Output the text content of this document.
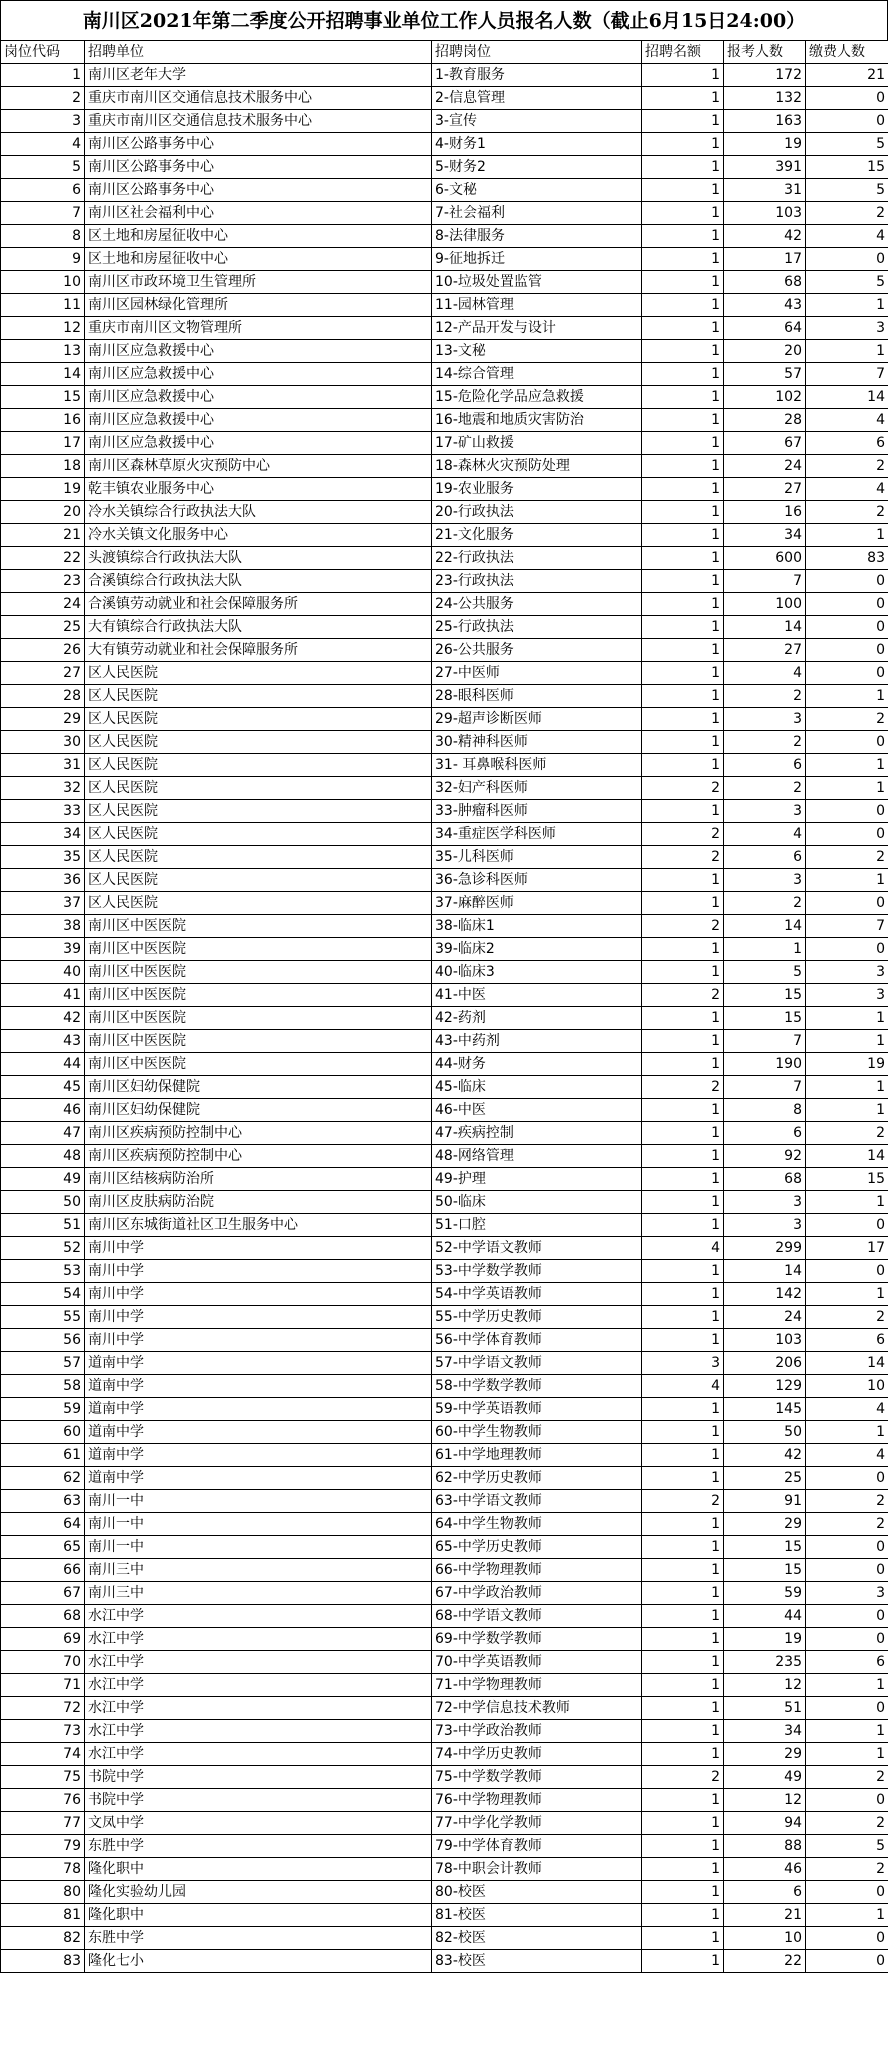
南川区2021年第二季度公开招聘事业单位工作人员报名人数（截止6月15日24:00）
岗位代码	招聘单位	招聘岗位	招聘名额	报考人数	缴费人数
1	南川区老年大学	1-教育服务	1	172	21
2	重庆市南川区交通信息技术服务中心	2-信息管理	1	132	0
3	重庆市南川区交通信息技术服务中心	3-宣传	1	163	0
4	南川区公路事务中心	4-财务1	1	19	5
5	南川区公路事务中心	5-财务2	1	391	15
6	南川区公路事务中心	6-文秘	1	31	5
7	南川区社会福利中心	7-社会福利	1	103	2
8	区土地和房屋征收中心	8-法律服务	1	42	4
9	区土地和房屋征收中心	9-征地拆迁	1	17	0
10	南川区市政环境卫生管理所	10-垃圾处置监管	1	68	5
11	南川区园林绿化管理所	11-园林管理	1	43	1
12	重庆市南川区文物管理所	12-产品开发与设计	1	64	3
13	南川区应急救援中心	13-文秘	1	20	1
14	南川区应急救援中心	14-综合管理	1	57	7
15	南川区应急救援中心	15-危险化学品应急救援	1	102	14
16	南川区应急救援中心	16-地震和地质灾害防治	1	28	4
17	南川区应急救援中心	17-矿山救援	1	67	6
18	南川区森林草原火灾预防中心	18-森林火灾预防处理	1	24	2
19	乾丰镇农业服务中心	19-农业服务	1	27	4
20	冷水关镇综合行政执法大队	20-行政执法	1	16	2
21	冷水关镇文化服务中心	21-文化服务	1	34	1
22	头渡镇综合行政执法大队	22-行政执法	1	600	83
23	合溪镇综合行政执法大队	23-行政执法	1	7	0
24	合溪镇劳动就业和社会保障服务所	24-公共服务	1	100	0
25	大有镇综合行政执法大队	25-行政执法	1	14	0
26	大有镇劳动就业和社会保障服务所	26-公共服务	1	27	0
27	区人民医院	27-中医师	1	4	0
28	区人民医院	28-眼科医师	1	2	1
29	区人民医院	29-超声诊断医师	1	3	2
30	区人民医院	30-精神科医师	1	2	0
31	区人民医院	31- 耳鼻喉科医师	1	6	1
32	区人民医院	32-妇产科医师	2	2	1
33	区人民医院	33-肿瘤科医师	1	3	0
34	区人民医院	34-重症医学科医师	2	4	0
35	区人民医院	35-儿科医师	2	6	2
36	区人民医院	36-急诊科医师	1	3	1
37	区人民医院	37-麻醉医师	1	2	0
38	南川区中医医院	38-临床1	2	14	7
39	南川区中医医院	39-临床2	1	1	0
40	南川区中医医院	40-临床3	1	5	3
41	南川区中医医院	41-中医	2	15	3
42	南川区中医医院	42-药剂	1	15	1
43	南川区中医医院	43-中药剂	1	7	1
44	南川区中医医院	44-财务	1	190	19
45	南川区妇幼保健院	45-临床	2	7	1
46	南川区妇幼保健院	46-中医	1	8	1
47	南川区疾病预防控制中心	47-疾病控制	1	6	2
48	南川区疾病预防控制中心	48-网络管理	1	92	14
49	南川区结核病防治所	49-护理	1	68	15
50	南川区皮肤病防治院	50-临床	1	3	1
51	南川区东城街道社区卫生服务中心	51-口腔	1	3	0
52	南川中学	52-中学语文教师	4	299	17
53	南川中学	53-中学数学教师	1	14	0
54	南川中学	54-中学英语教师	1	142	1
55	南川中学	55-中学历史教师	1	24	2
56	南川中学	56-中学体育教师	1	103	6
57	道南中学	57-中学语文教师	3	206	14
58	道南中学	58-中学数学教师	4	129	10
59	道南中学	59-中学英语教师	1	145	4
60	道南中学	60-中学生物教师	1	50	1
61	道南中学	61-中学地理教师	1	42	4
62	道南中学	62-中学历史教师	1	25	0
63	南川一中	63-中学语文教师	2	91	2
64	南川一中	64-中学生物教师	1	29	2
65	南川一中	65-中学历史教师	1	15	0
66	南川三中	66-中学物理教师	1	15	0
67	南川三中	67-中学政治教师	1	59	3
68	水江中学	68-中学语文教师	1	44	0
69	水江中学	69-中学数学教师	1	19	0
70	水江中学	70-中学英语教师	1	235	6
71	水江中学	71-中学物理教师	1	12	1
72	水江中学	72-中学信息技术教师	1	51	0
73	水江中学	73-中学政治教师	1	34	1
74	水江中学	74-中学历史教师	1	29	1
75	书院中学	75-中学数学教师	2	49	2
76	书院中学	76-中学物理教师	1	12	0
77	文凤中学	77-中学化学教师	1	94	2
79	东胜中学	79-中学体育教师	1	88	5
78	隆化职中	78-中职会计教师	1	46	2
80	隆化实验幼儿园	80-校医	1	6	0
81	隆化职中	81-校医	1	21	1
82	东胜中学	82-校医	1	10	0
83	隆化七小	83-校医	1	22	0
